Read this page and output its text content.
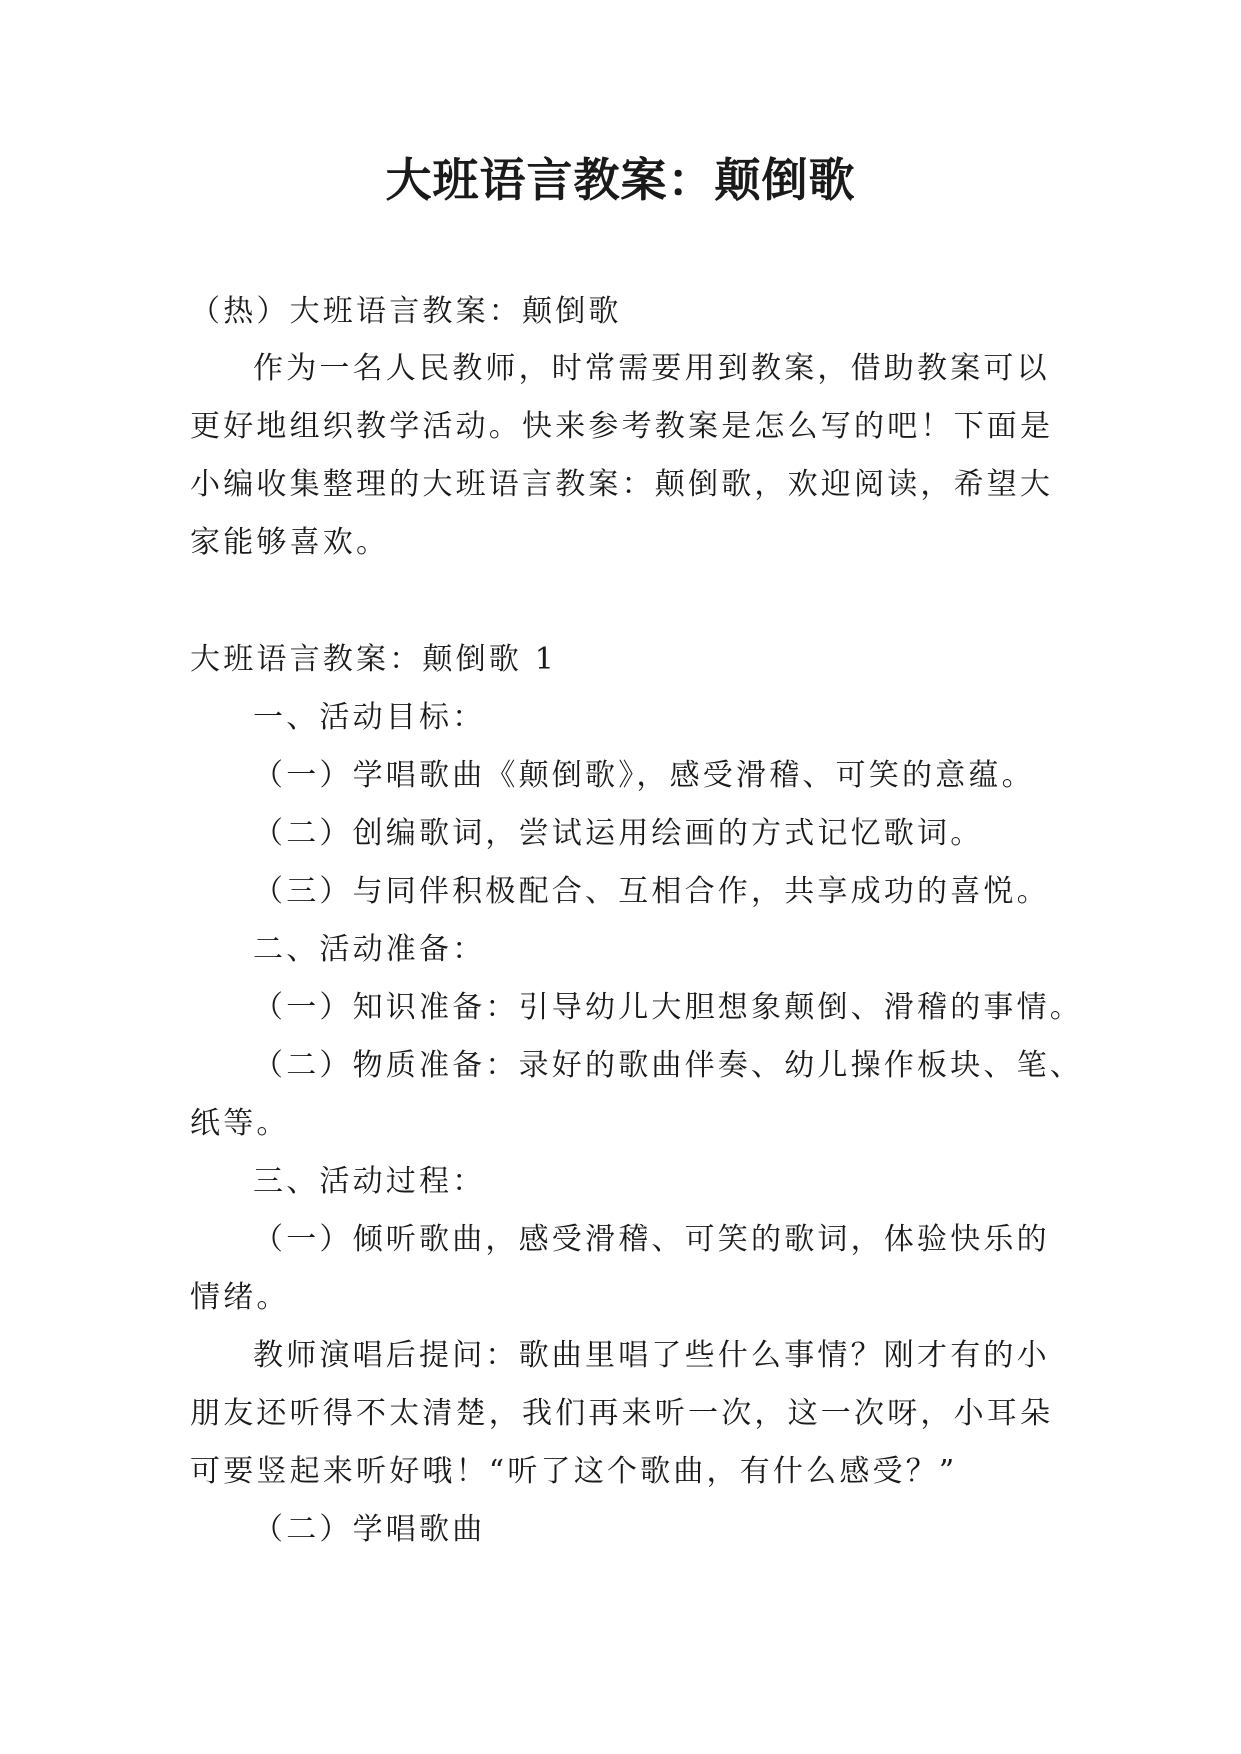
大班语言教案：颠倒歌
（热）大班语言教案：颠倒歌
作为一名人民教师，时常需要用到教案，借助教案可以
更好地组织教学活动。快来参考教案是怎么写的吧！下面是
小编收集整理的大班语言教案：颠倒歌，欢迎阅读，希望大
家能够喜欢。
大班语言教案：颠倒歌 1
一、活动目标：
（一）学唱歌曲《颠倒歌》，感受滑稽、可笑的意蕴。
（二）创编歌词，尝试运用绘画的方式记忆歌词。
（三）与同伴积极配合、互相合作，共享成功的喜悦。
二、活动准备：
（一）知识准备：引导幼儿大胆想象颠倒、滑稽的事情。
（二）物质准备：录好的歌曲伴奏、幼儿操作板块、笔、
纸等。
三、活动过程：
（一）倾听歌曲，感受滑稽、可笑的歌词，体验快乐的
情绪。
教师演唱后提问：歌曲里唱了些什么事情？刚才有的小
朋友还听得不太清楚，我们再来听一次，这一次呀，小耳朵
可要竖起来听好哦！“听了这个歌曲，有什么感受？”
（二）学唱歌曲
